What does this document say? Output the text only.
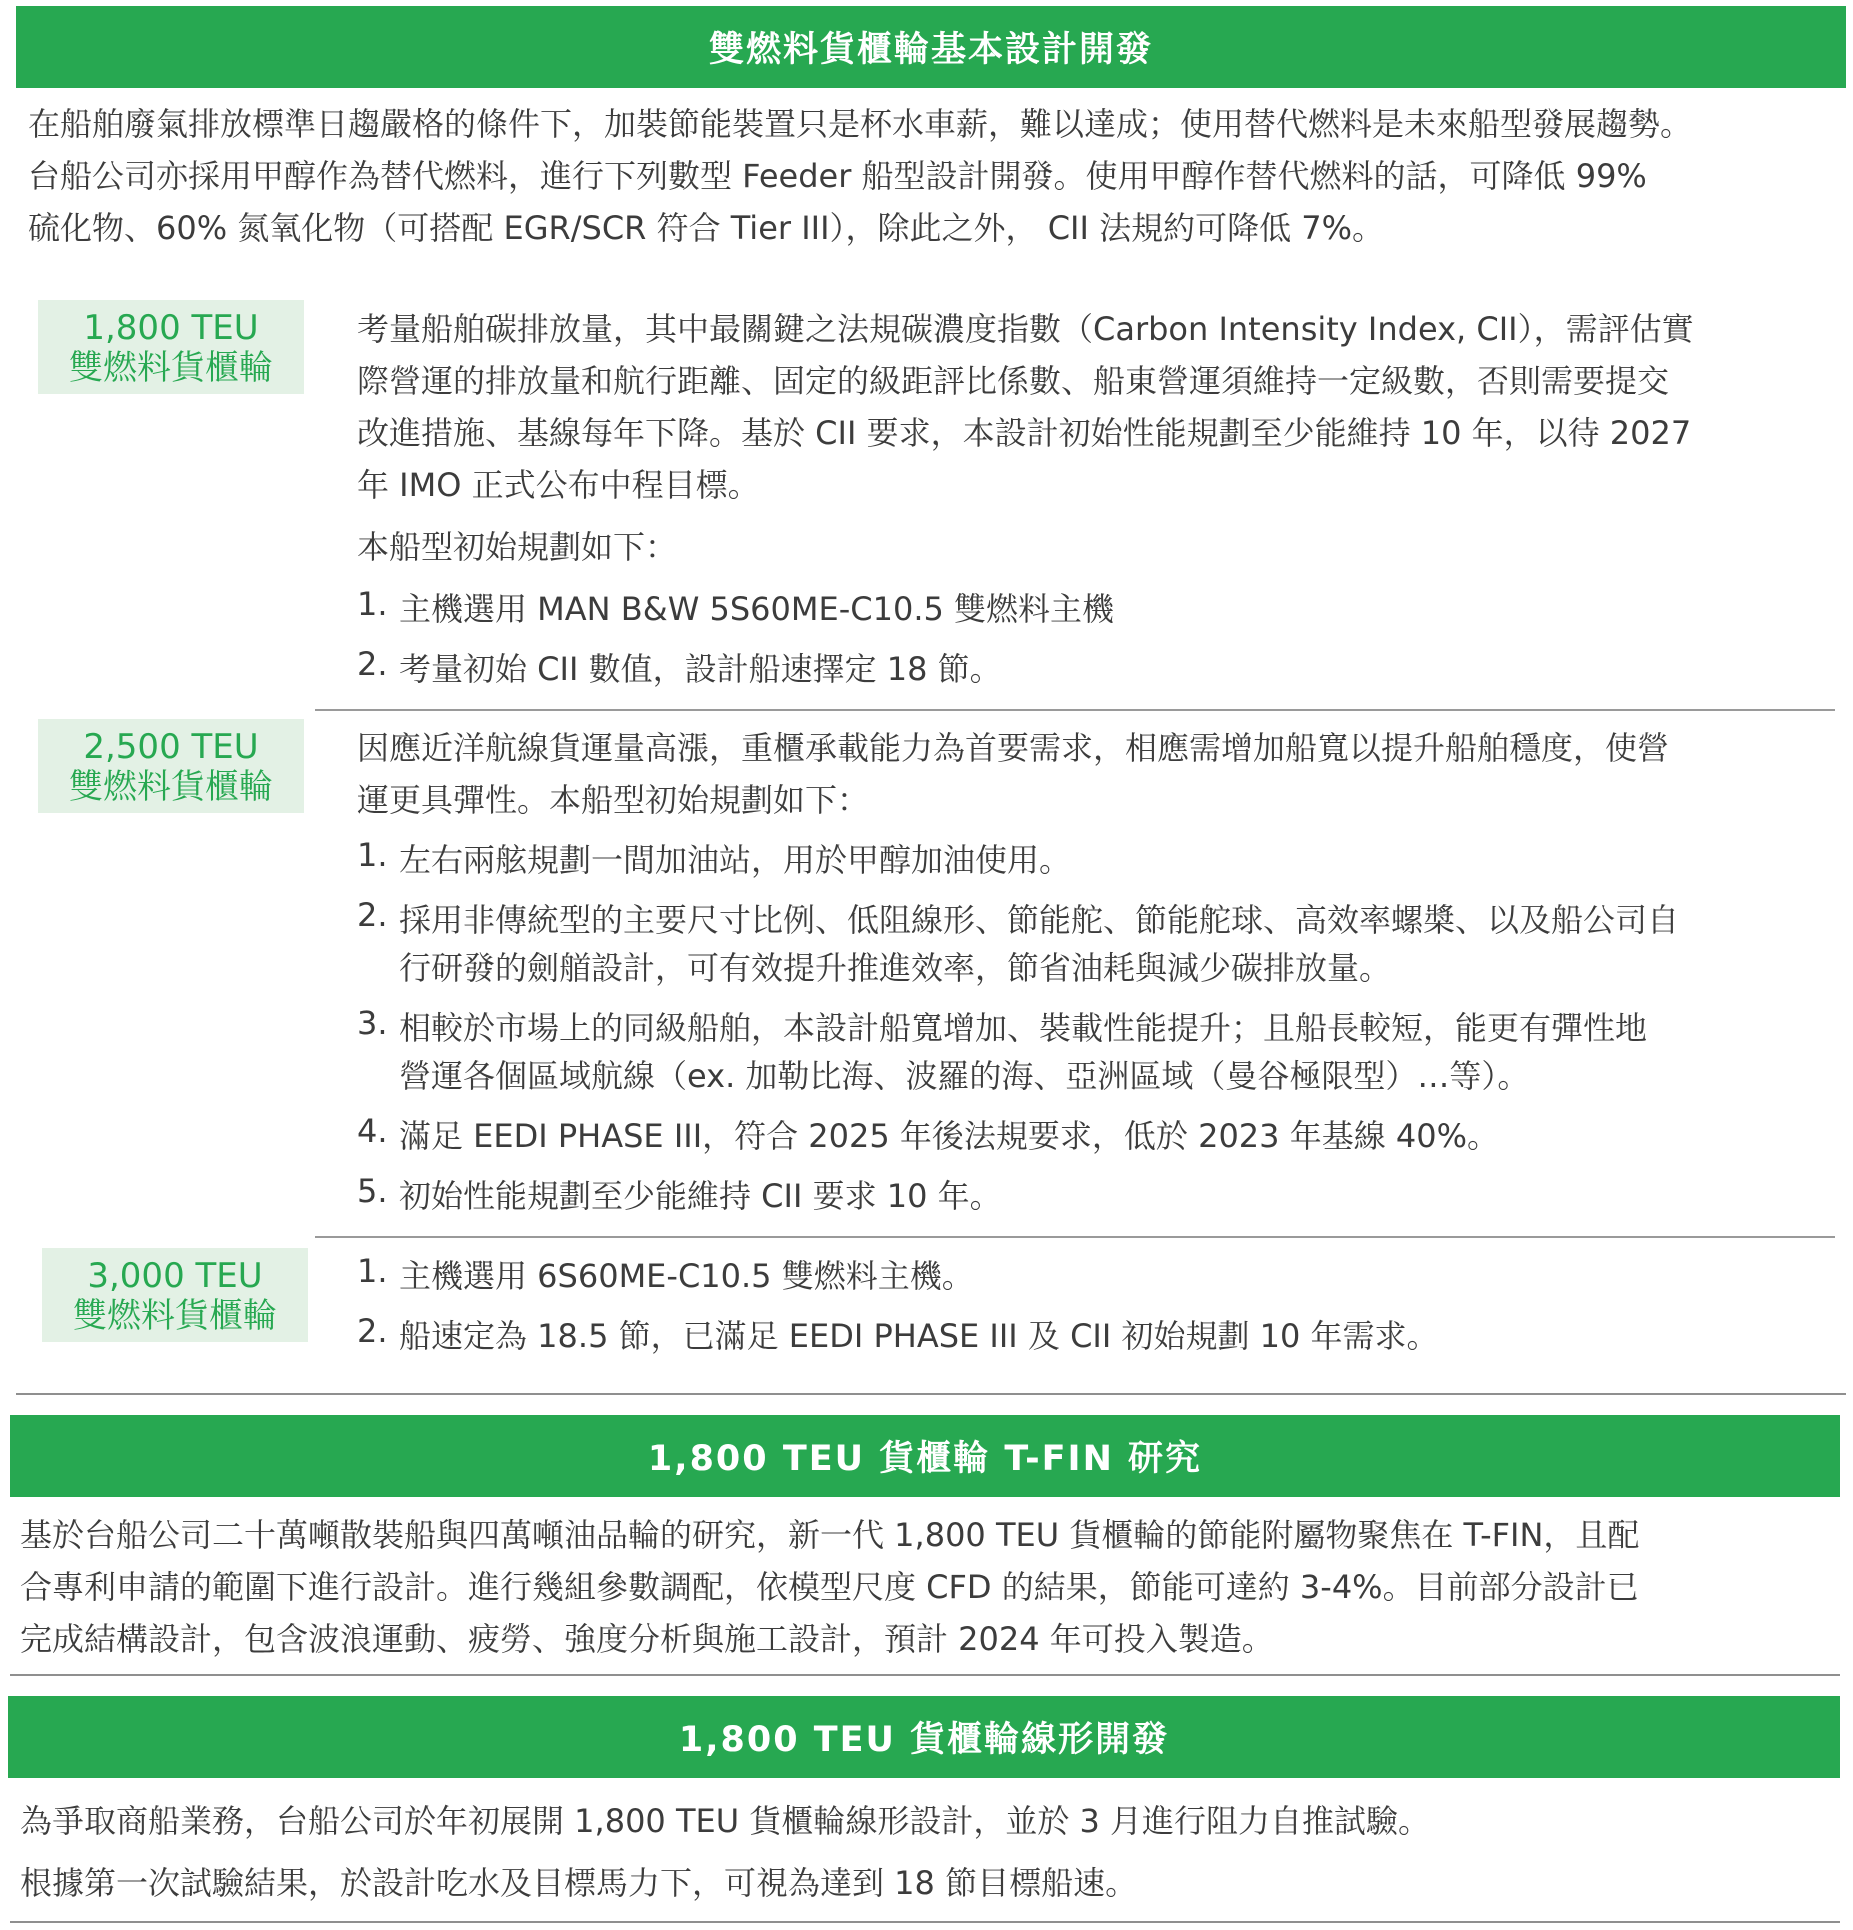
雙燃料貨櫃輪基本設計開發
在船舶廢氣排放標準日趨嚴格的條件下，加裝節能裝置只是杯水車薪，難以達成；使用替代燃料是未來船型發展趨勢。
台船公司亦採用甲醇作為替代燃料，進行下列數型 Feeder 船型設計開發。使用甲醇作替代燃料的話，可降低 99%
硫化物、60% 氮氧化物（可搭配 EGR/SCR 符合 Tier III），除此之外， CII 法規約可降低 7%。
1,800 TEU
雙燃料貨櫃輪
考量船舶碳排放量，其中最關鍵之法規碳濃度指數（Carbon Intensity Index, CII），需評估實
際營運的排放量和航行距離、固定的級距評比係數、船東營運須維持一定級數，否則需要提交
改進措施、基線每年下降。基於 CII 要求，本設計初始性能規劃至少能維持 10 年，以待 2027
年 IMO 正式公布中程目標。
本船型初始規劃如下：
1. 主機選用 MAN B&W 5S60ME-C10.5 雙燃料主機
2. 考量初始 CII 數值，設計船速擇定 18 節。
2,500 TEU
雙燃料貨櫃輪
因應近洋航線貨運量高漲，重櫃承載能力為首要需求，相應需增加船寬以提升船舶穩度，使營
運更具彈性。本船型初始規劃如下：
1. 左右兩舷規劃一間加油站，用於甲醇加油使用。
2. 採用非傳統型的主要尺寸比例、低阻線形、節能舵、節能舵球、高效率螺槳、以及船公司自
行研發的劍艏設計，可有效提升推進效率，節省油耗與減少碳排放量。
3. 相較於市場上的同級船舶，本設計船寬增加、裝載性能提升；且船長較短，能更有彈性地
營運各個區域航線（ex. 加勒比海、波羅的海、亞洲區域（曼谷極限型）…等）。
4. 滿足 EEDI PHASE III，符合 2025 年後法規要求，低於 2023 年基線 40%。
5. 初始性能規劃至少能維持 CII 要求 10 年。
3,000 TEU
雙燃料貨櫃輪
1. 主機選用 6S60ME-C10.5 雙燃料主機。
2. 船速定為 18.5 節，已滿足 EEDI PHASE III 及 CII 初始規劃 10 年需求。
1,800 TEU 貨櫃輪 T-FIN 研究
基於台船公司二十萬噸散裝船與四萬噸油品輪的研究，新一代 1,800 TEU 貨櫃輪的節能附屬物聚焦在 T-FIN，且配
合專利申請的範圍下進行設計。進行幾組參數調配，依模型尺度 CFD 的結果，節能可達約 3-4%。目前部分設計已
完成結構設計，包含波浪運動、疲勞、強度分析與施工設計，預計 2024 年可投入製造。
1,800 TEU 貨櫃輪線形開發
為爭取商船業務，台船公司於年初展開 1,800 TEU 貨櫃輪線形設計，並於 3 月進行阻力自推試驗。
根據第一次試驗結果，於設計吃水及目標馬力下，可視為達到 18 節目標船速。
